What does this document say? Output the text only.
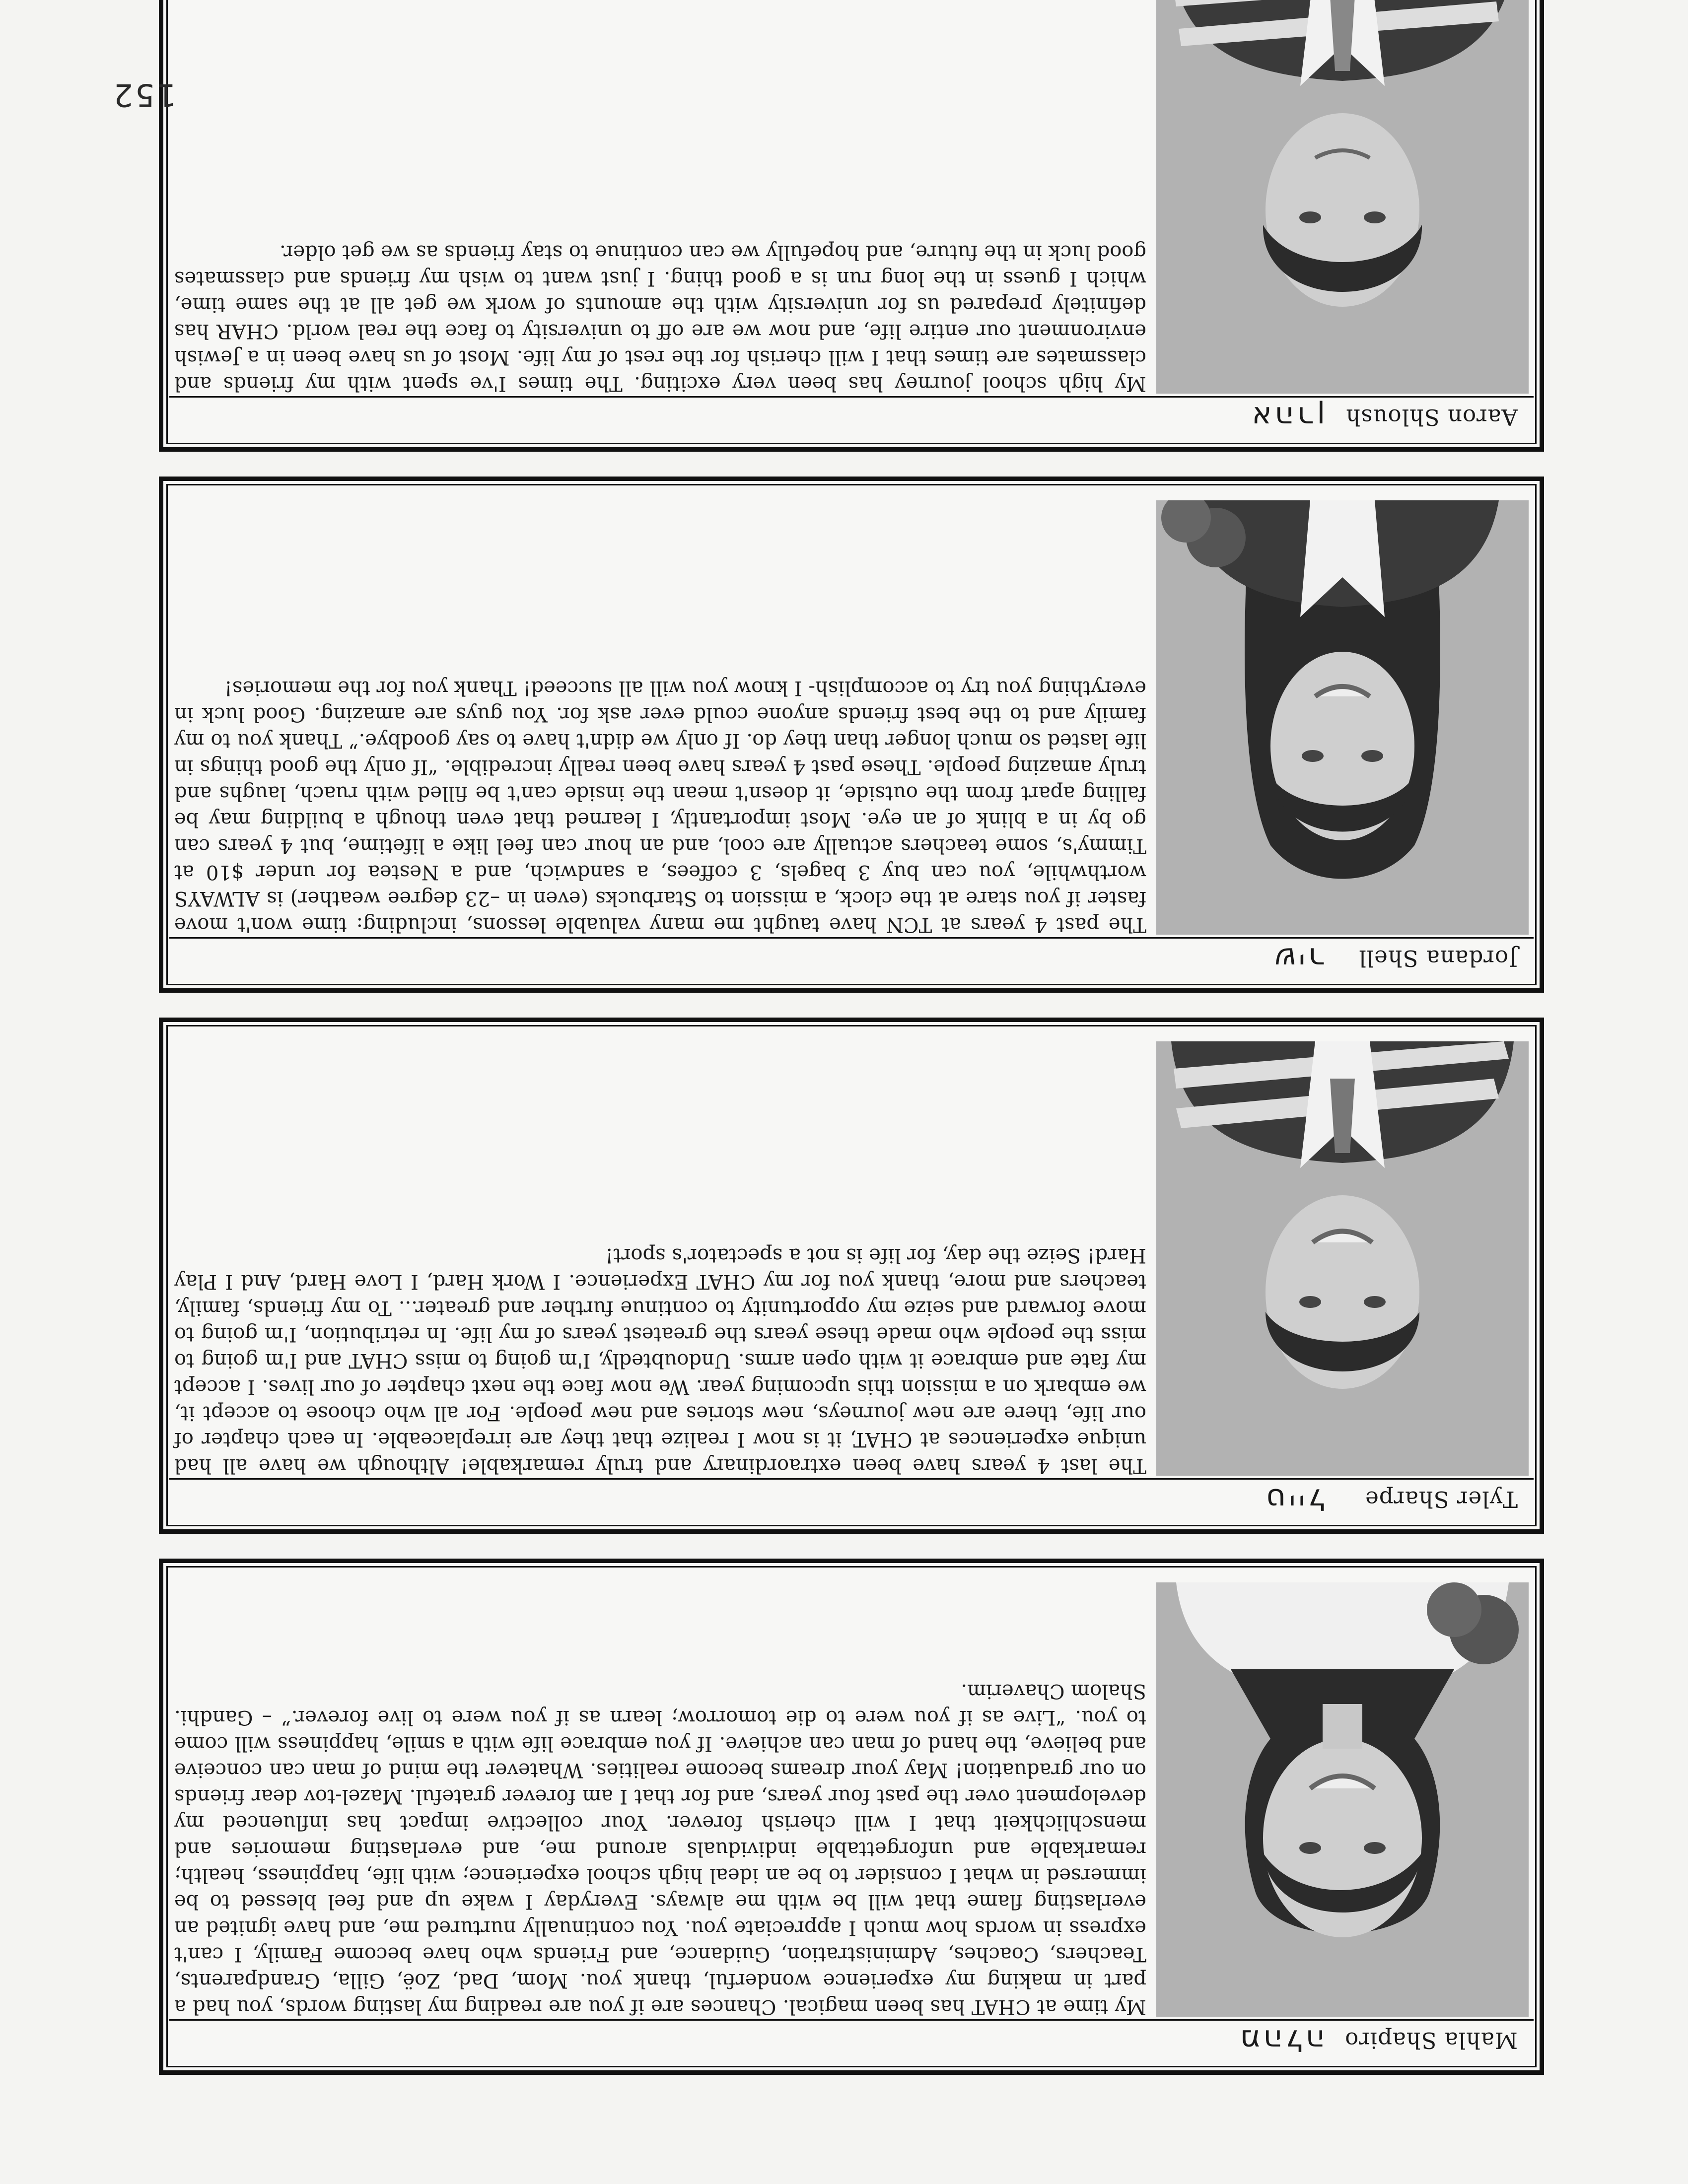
Mahla Shapiro
מהלה
My time at CHAT has been magical. Chances are if you are reading my lasting words, you had a part in making my experience wonderful, thank you. Mom, Dad, Zoë, Gilla, Grandparents, Teachers, Coaches, Administration, Guidance, and Friends who have become Family, I can't express in words how much I appreciate you. You continually nurtured me, and have ignited an everlasting flame that will be with me always. Everyday I wake up and feel blessed to be immersed in what I consider to be an ideal high school experience; with life, happiness, health; remarkable and unforgettable individuals around me, and everlasting memories and menschlichkeit that I will cherish forever. Your collective impact has influenced my development over the past four years, and for that I am forever grateful. Mazel-tov dear friends on our graduation! May your dreams become realities. Whatever the mind of man can conceive and believe, the hand of man can achieve. If you embrace life with a smile, happiness will come to you. “Live as if you were to die tomorrow; learn as if you were to live forever.” – Gandhi. Shalom Chaverim.
Tyler Sharpe
טייל
The last 4 years have been extraordinary and truly remarkable! Although we have all had unique experiences at CHAT, it is now I realize that they are irreplaceable. In each chapter of our life, there are new journeys, new stories and new people. For all who choose to accept it, we embark on a mission this upcoming year. We now face the next chapter of our lives. I accept my fate and embrace it with open arms. Undoubtedly, I'm going to miss CHAT and I'm going to miss the people who made these years the greatest years of my life. In retribution, I'm going to move forward and seize my opportunity to continue further and greater... To my friends, family, teachers and more, thank you for my CHAT Experience. I Work Hard, I Love Hard, And I Play Hard! Seize the day, for life is not a spectator's sport!
Jordana Shell
שיר
The past 4 years at TCN have taught me many valuable lessons, including: time won't move faster if you stare at the clock, a mission to Starbucks (even in –23 degree weather) is ALWAYS worthwhile, you can buy 3 bagels, 3 coffees, a sandwich, and a Nestea for under $10 at Timmy's, some teachers actually are cool, and an hour can feel like a lifetime, but 4 years can go by in a blink of an eye. Most importantly, I learned that even though a building may be falling apart from the outside, it doesn't mean the inside can't be filled with ruach, laughs and truly amazing people. These past 4 years have been really incredible. “If only the good things in life lasted so much longer than they do. If only we didn't have to say goodbye.” Thank you to my family and to the best friends anyone could ever ask for. You guys are amazing. Good luck in everything you try to accomplish- I know you will all succeed! Thank you for the memories!
Aaron Shloush
אהרן
My high school journey has been very exciting. The times I've spent with my friends and classmates are times that I will cherish for the rest of my life. Most of us have been in a Jewish environment our entire life, and now we are off to university to face the real world. CHAR has definitely prepared us for university with the amounts of work we get all at the same time, which I guess in the long run is a good thing. I just want to wish my friends and classmates good luck in the future, and hopefully we can continue to stay friends as we get older.
152
